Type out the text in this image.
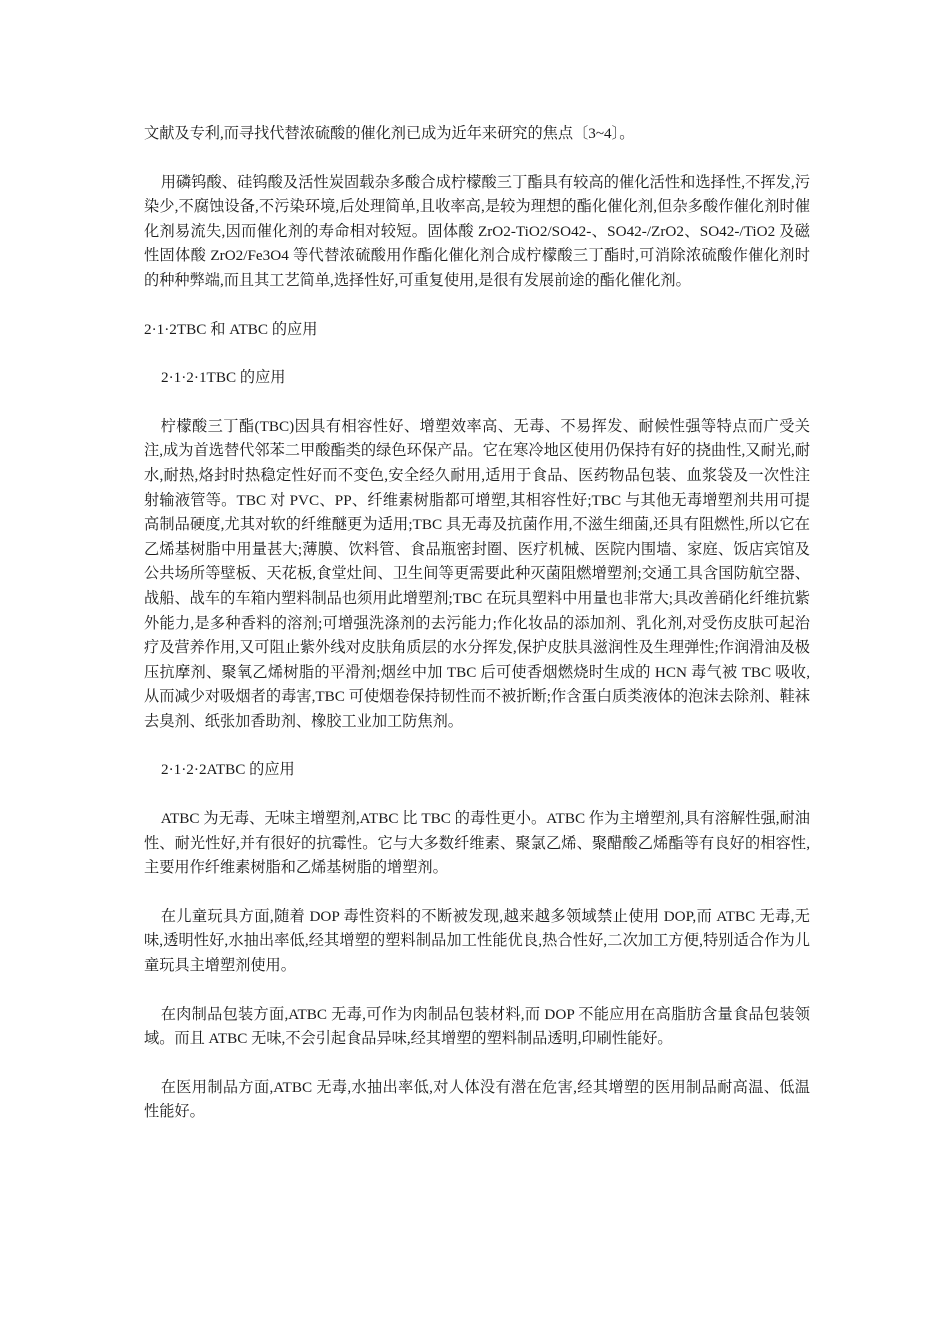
文献及专利,而寻找代替浓硫酸的催化剂已成为近年来研究的焦点〔3~4〕。

用磷钨酸、硅钨酸及活性炭固载杂多酸合成柠檬酸三丁酯具有较高的催化活性和选择性,不挥发,污染少,不腐蚀设备,不污染环境,后处理简单,且收率高,是较为理想的酯化催化剂,但杂多酸作催化剂时催化剂易流失,因而催化剂的寿命相对较短。固体酸 ZrO2-TiO2/SO42-、SO42-/ZrO2、SO42-/TiO2 及磁性固体酸 ZrO2/Fe3O4 等代替浓硫酸用作酯化催化剂合成柠檬酸三丁酯时,可消除浓硫酸作催化剂时的种种弊端,而且其工艺简单,选择性好,可重复使用,是很有发展前途的酯化催化剂。

2·1·2TBC 和 ATBC 的应用
2·1·2·1TBC 的应用

柠檬酸三丁酯(TBC)因具有相容性好、增塑效率高、无毒、不易挥发、耐候性强等特点而广受关注,成为首选替代邻苯二甲酸酯类的绿色环保产品。它在寒冷地区使用仍保持有好的挠曲性,又耐光,耐水,耐热,烙封时热稳定性好而不变色,安全经久耐用,适用于食品、医药物品包装、血浆袋及一次性注射输液管等。TBC 对 PVC、PP、纤维素树脂都可增塑,其相容性好;TBC 与其他无毒增塑剂共用可提高制品硬度,尤其对软的纤维醚更为适用;TBC 具无毒及抗菌作用,不滋生细菌,还具有阻燃性,所以它在乙烯基树脂中用量甚大;薄膜、饮料管、食品瓶密封圈、医疗机械、医院内围墙、家庭、饭店宾馆及公共场所等壁板、天花板,食堂灶间、卫生间等更需要此种灭菌阻燃增塑剂;交通工具含国防航空器、战船、战车的车箱内塑料制品也须用此增塑剂;TBC 在玩具塑料中用量也非常大;具改善硝化纤维抗紫外能力,是多种香料的溶剂;可增强洗涤剂的去污能力;作化妆品的添加剂、乳化剂,对受伤皮肤可起治疗及营养作用,又可阻止紫外线对皮肤角质层的水分挥发,保护皮肤具滋润性及生理弹性;作润滑油及极压抗摩剂、聚氧乙烯树脂的平滑剂;烟丝中加 TBC 后可使香烟燃烧时生成的 HCN 毒气被 TBC 吸收,从而减少对吸烟者的毒害,TBC 可使烟卷保持韧性而不被折断;作含蛋白质类液体的泡沫去除剂、鞋袜去臭剂、纸张加香助剂、橡胶工业加工防焦剂。

2·1·2·2ATBC 的应用

ATBC 为无毒、无味主增塑剂,ATBC 比 TBC 的毒性更小。ATBC 作为主增塑剂,具有溶解性强,耐油性、耐光性好,并有很好的抗霉性。它与大多数纤维素、聚氯乙烯、聚醋酸乙烯酯等有良好的相容性,主要用作纤维素树脂和乙烯基树脂的增塑剂。

在儿童玩具方面,随着 DOP 毒性资料的不断被发现,越来越多领域禁止使用 DOP,而 ATBC 无毒,无味,透明性好,水抽出率低,经其增塑的塑料制品加工性能优良,热合性好,二次加工方便,特别适合作为儿童玩具主增塑剂使用。

在肉制品包装方面,ATBC 无毒,可作为肉制品包装材料,而 DOP 不能应用在高脂肪含量食品包装领域。而且 ATBC 无味,不会引起食品异味,经其增塑的塑料制品透明,印刷性能好。

在医用制品方面,ATBC 无毒,水抽出率低,对人体没有潜在危害,经其增塑的医用制品耐高温、低温性能好。
